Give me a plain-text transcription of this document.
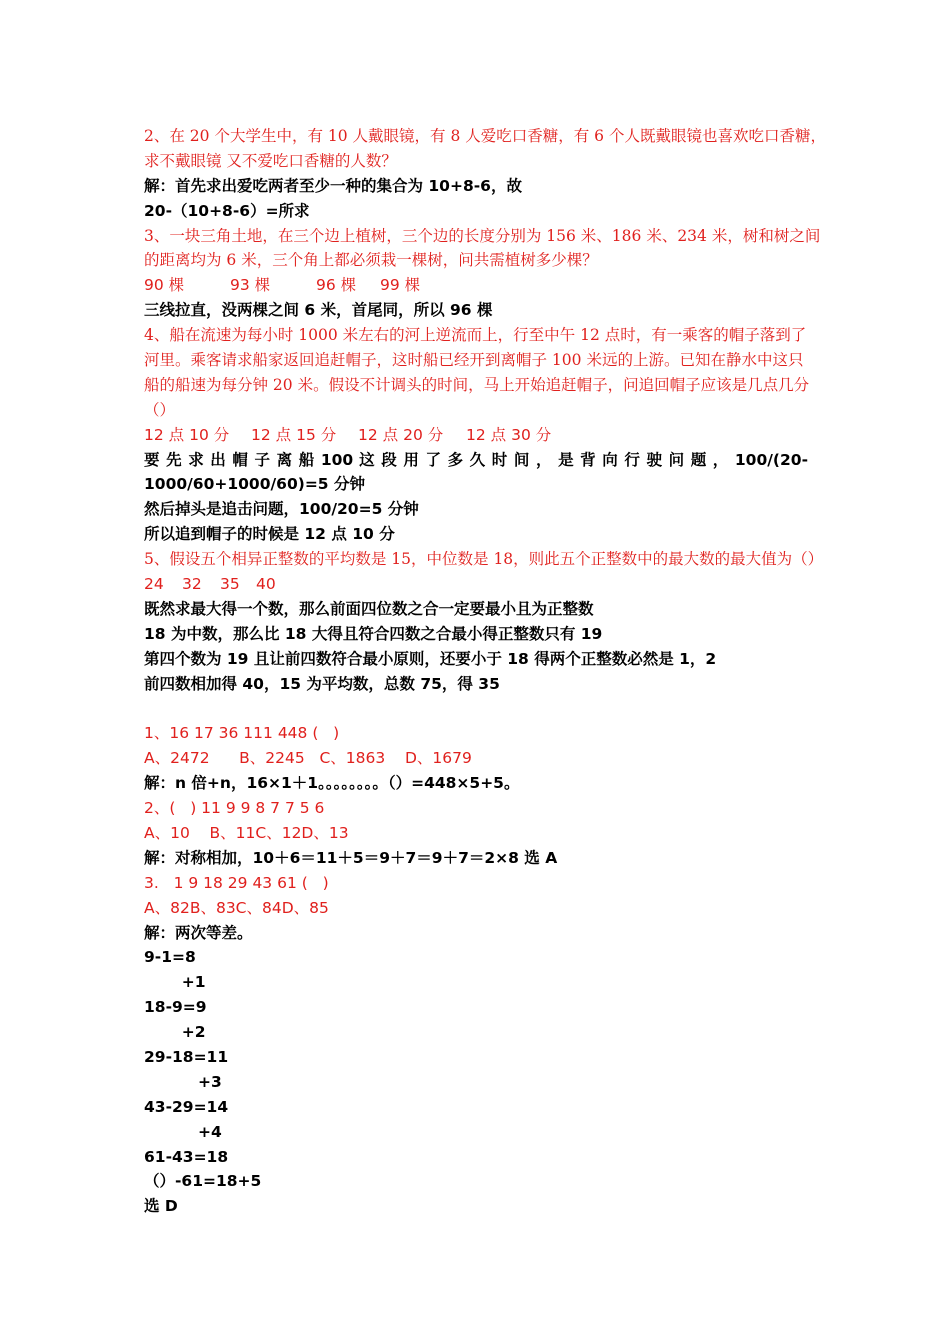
2、在 20 个大学生中，有 10 人戴眼镜，有 8 人爱吃口香糖，有 6 个人既戴眼镜也喜欢吃口香糖，
求不戴眼镜 又不爱吃口香糖的人数？
解：首先求出爱吃两者至少一种的集合为 10+8-6，故
20-（10+8-6）=所求
3、一块三角土地，在三个边上植树，三个边的长度分别为 156 米、186 米、234 米，树和树之间
的距离均为 6 米，三个角上都必须栽一棵树，问共需植树多少棵？
90 棵	93 棵	96 棵 99 棵
三线拉直，没两棵之间 6 米，首尾同，所以 96 棵
4、船在流速为每小时 1000 米左右的河上逆流而上，行至中午 12 点时，有一乘客的帽子落到了
河里。乘客请求船家返回追赶帽子，这时船已经开到离帽子 100 米远的上游。已知在静水中这只
船的船速为每分钟 20 米。假设不计调头的时间，马上开始追赶帽子，问追回帽子应该是几点几分
（）
12 点 10 分 12 点 15 分 12 点 20 分 12 点 30 分
要 先 求 出 帽 子 离 船 100 这 段 用 了 多 久 时 间 ， 是 背 向 行 驶 问 题 ， 100/(20-
1000/60+1000/60)=5 分钟
然后掉头是追击问题，100/20=5 分钟
所以追到帽子的时候是 12 点 10 分
5、假设五个相异正整数的平均数是 15，中位数是 18，则此五个正整数中的最大数的最大值为（）
24 32 35 40
既然求最大得一个数，那么前面四位数之合一定要最小且为正整数
18 为中数，那么比 18 大得且符合四数之合最小得正整数只有 19
第四个数为 19 且让前四数符合最小原则，还要小于 18 得两个正整数必然是 1，2
前四数相加得 40，15 为平均数，总数 75，得 35
1、16 17 36 111 448 (   )
A、2472      B、2245   C、1863    D、1679
解：n 倍+n，16×1＋1。。。。。。。。（）=448×5+5。
2、(   ) 11 9 9 8 7 7 5 6
A、10    B、11C、12D、13
解：对称相加，10＋6＝11＋5＝9＋7＝9＋7＝2×8 选 A
3.   1 9 18 29 43 61 (   )
A、82B、83C、84D、85
解：两次等差。
9-1=8
+1
18-9=9
+2
29-18=11
+3
43-29=14
+4
61-43=18
（）-61=18+5
选 D
